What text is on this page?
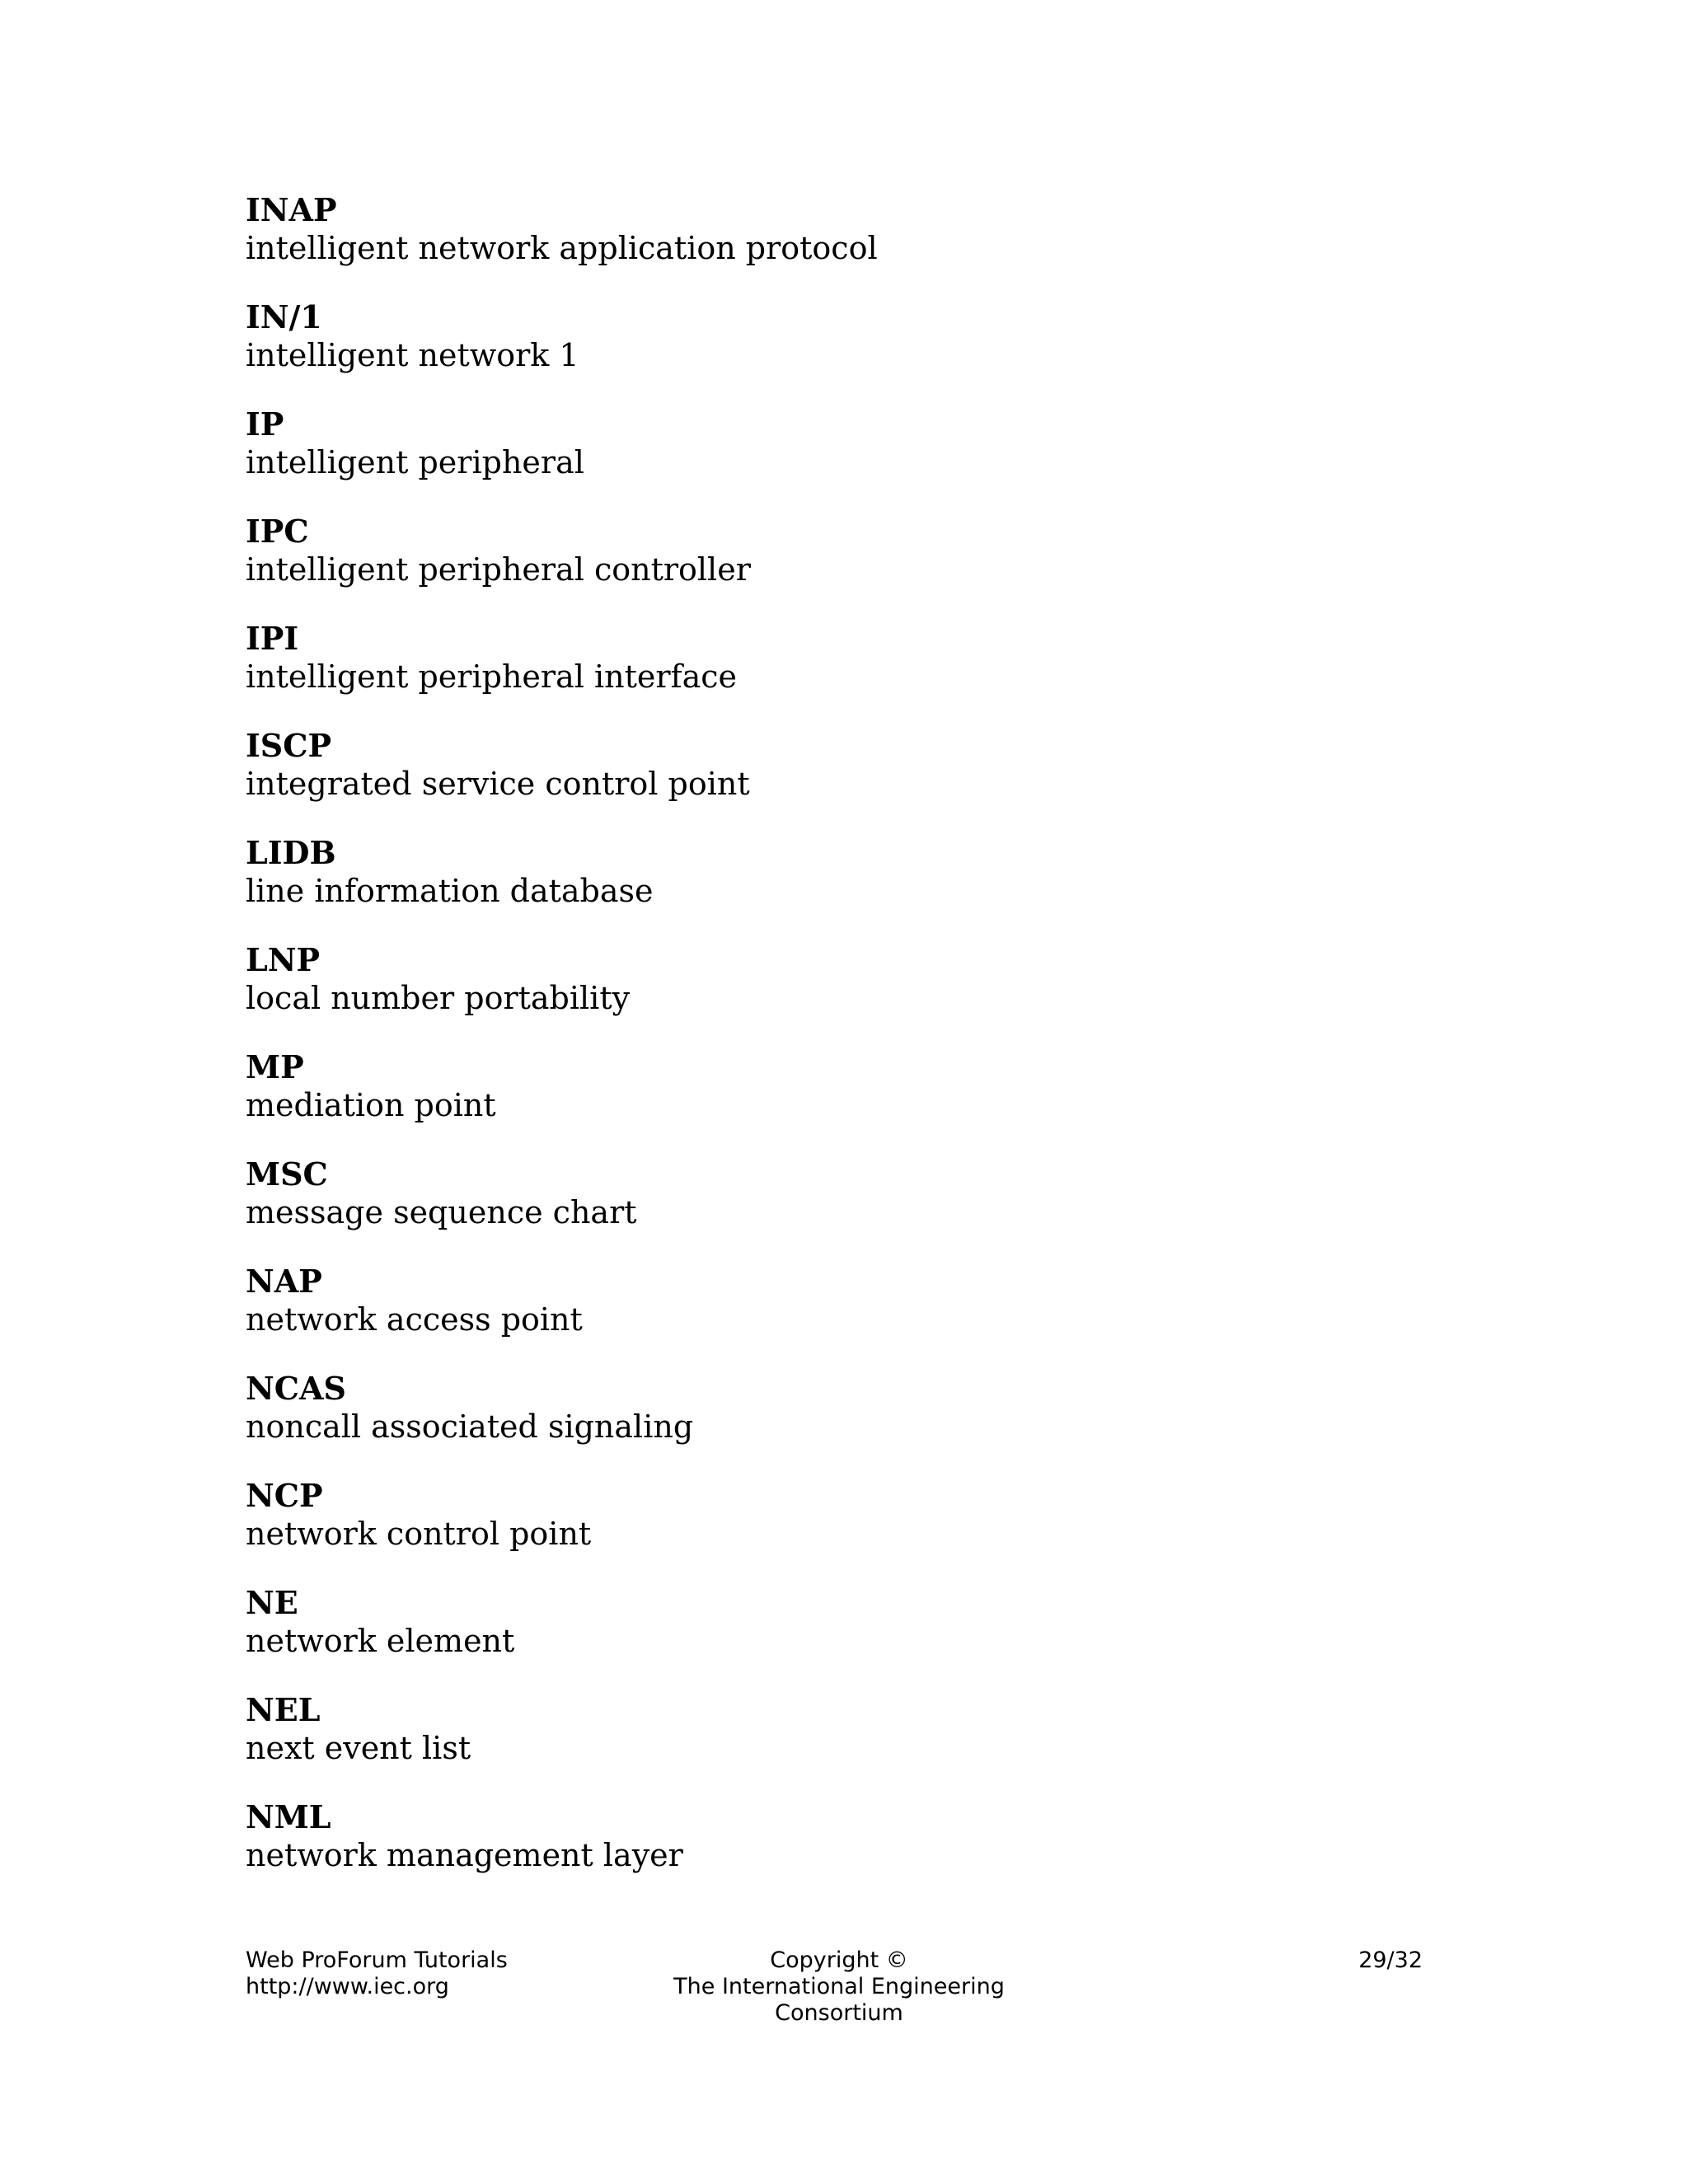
INAP
intelligent network application protocol
IN/1
intelligent network 1
IP
intelligent peripheral
IPC
intelligent peripheral controller
IPI
intelligent peripheral interface
ISCP
integrated service control point
LIDB
line information database
LNP
local number portability
MP
mediation point
MSC
message sequence chart
NAP
network access point
NCAS
noncall associated signaling
NCP
network control point
NE
network element
NEL
next event list
NML
network management layer
Web ProForum Tutorials
http://www.iec.org
Copyright ©
The International Engineering Consortium
29/32
